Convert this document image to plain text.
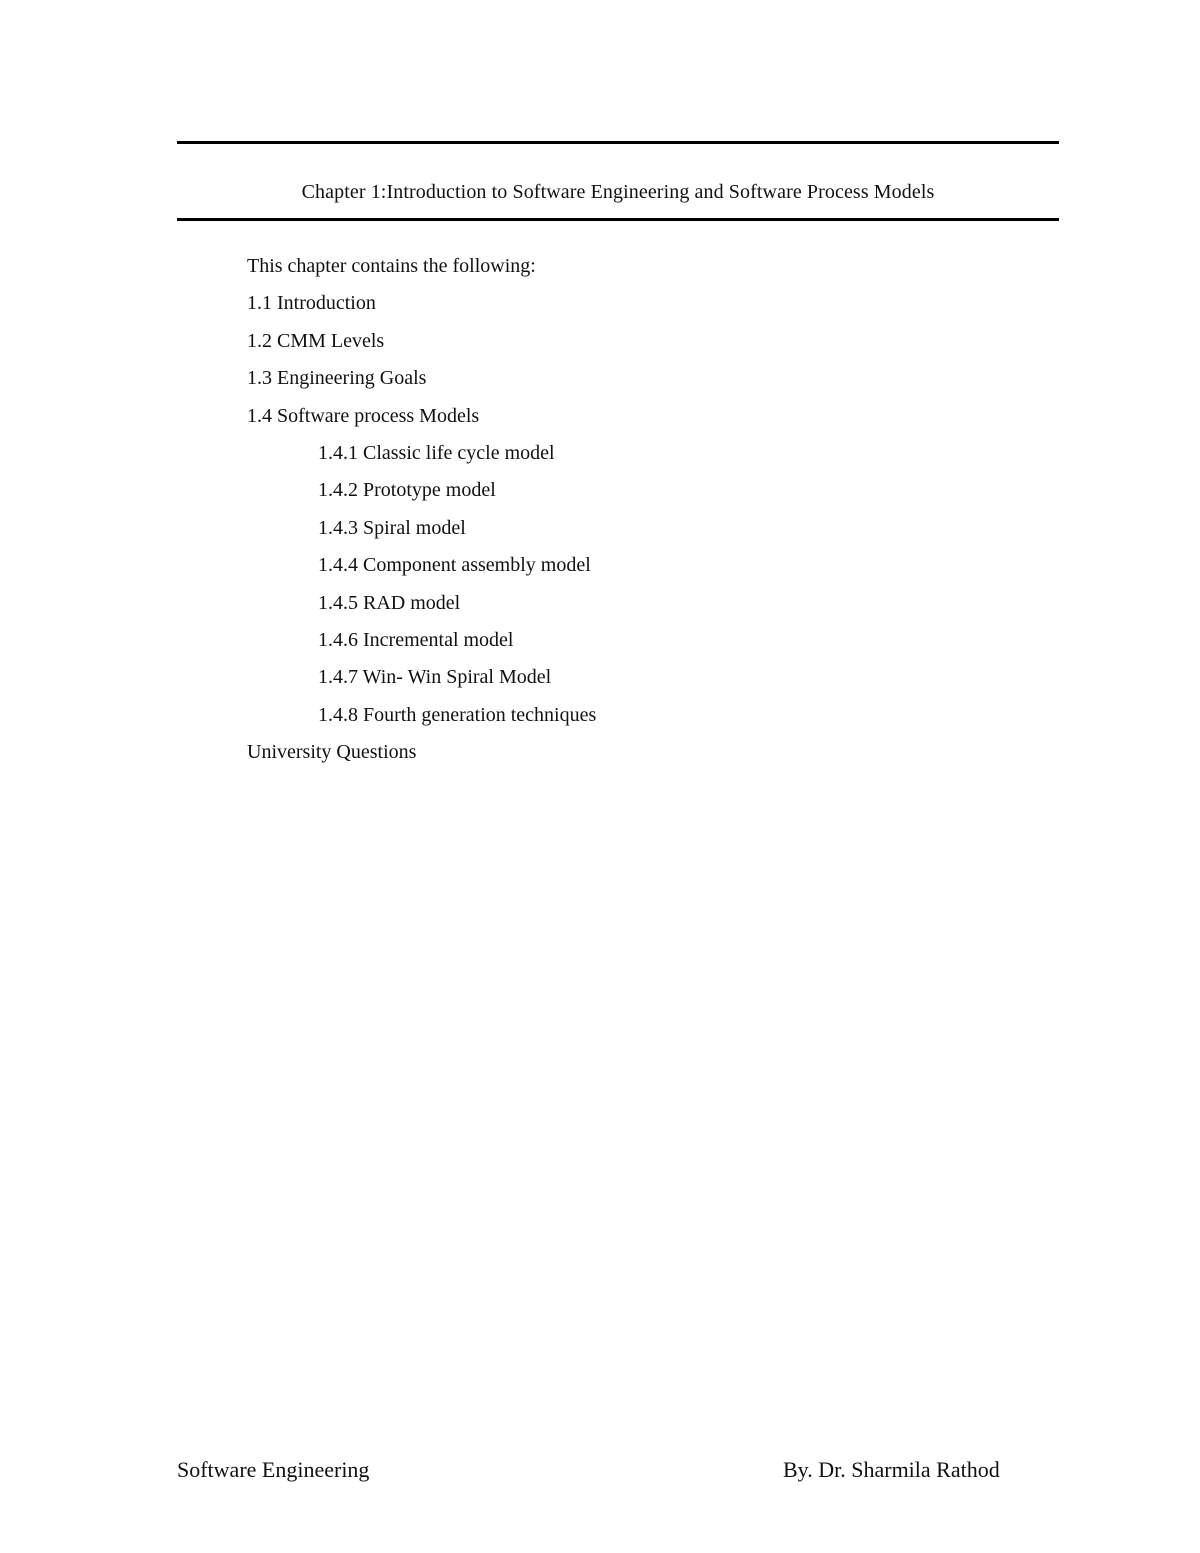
Chapter 1:Introduction to Software Engineering and Software Process Models
This chapter contains the following:
1.1 Introduction
1.2 CMM Levels
1.3 Engineering Goals
1.4 Software process Models
1.4.1 Classic life cycle model
1.4.2 Prototype model
1.4.3 Spiral model
1.4.4 Component assembly model
1.4.5 RAD model
1.4.6 Incremental model
1.4.7 Win- Win Spiral Model
1.4.8 Fourth generation techniques
University Questions
Software Engineering	By. Dr. Sharmila Rathod
